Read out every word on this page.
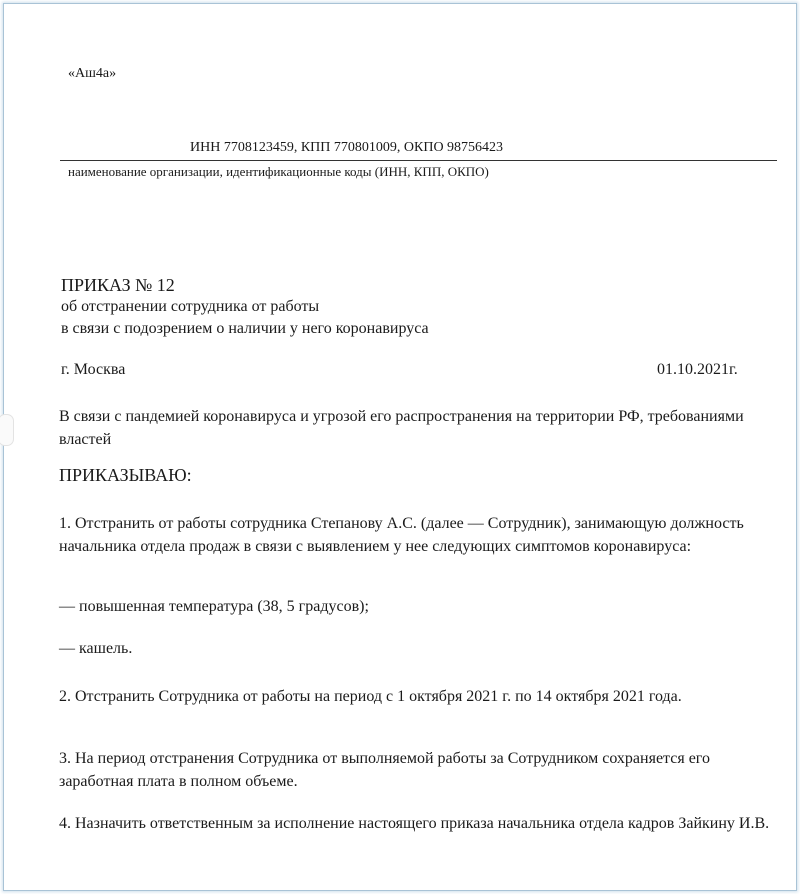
«Аш4а»
ИНН 7708123459, КПП 770801009, ОКПО 98756423
наименование организации, идентификационные коды (ИНН, КПП, ОКПО)
ПРИКАЗ № 12
об отстранении сотрудника от работы
в связи с подозрением о наличии у него коронавируса
г. Москва	01.10.2021г.
В связи с пандемией коронавируса и угрозой его распространения на территории РФ, требованиями властей
ПРИКАЗЫВАЮ:
1. Отстранить от работы сотрудника Степанову А.С. (далее — Сотрудник), занимающую должность начальника отдела продаж в связи с выявлением у нее следующих симптомов коронавируса:
— повышенная температура (38, 5 градусов);
— кашель.
2. Отстранить Сотрудника от работы на период с 1 октября 2021 г. по 14 октября 2021 года.
3. На период отстранения Сотрудника от выполняемой работы за Сотрудником сохраняется его заработная плата в полном объеме.
4. Назначить ответственным за исполнение настоящего приказа начальника отдела кадров Зайкину И.В.
